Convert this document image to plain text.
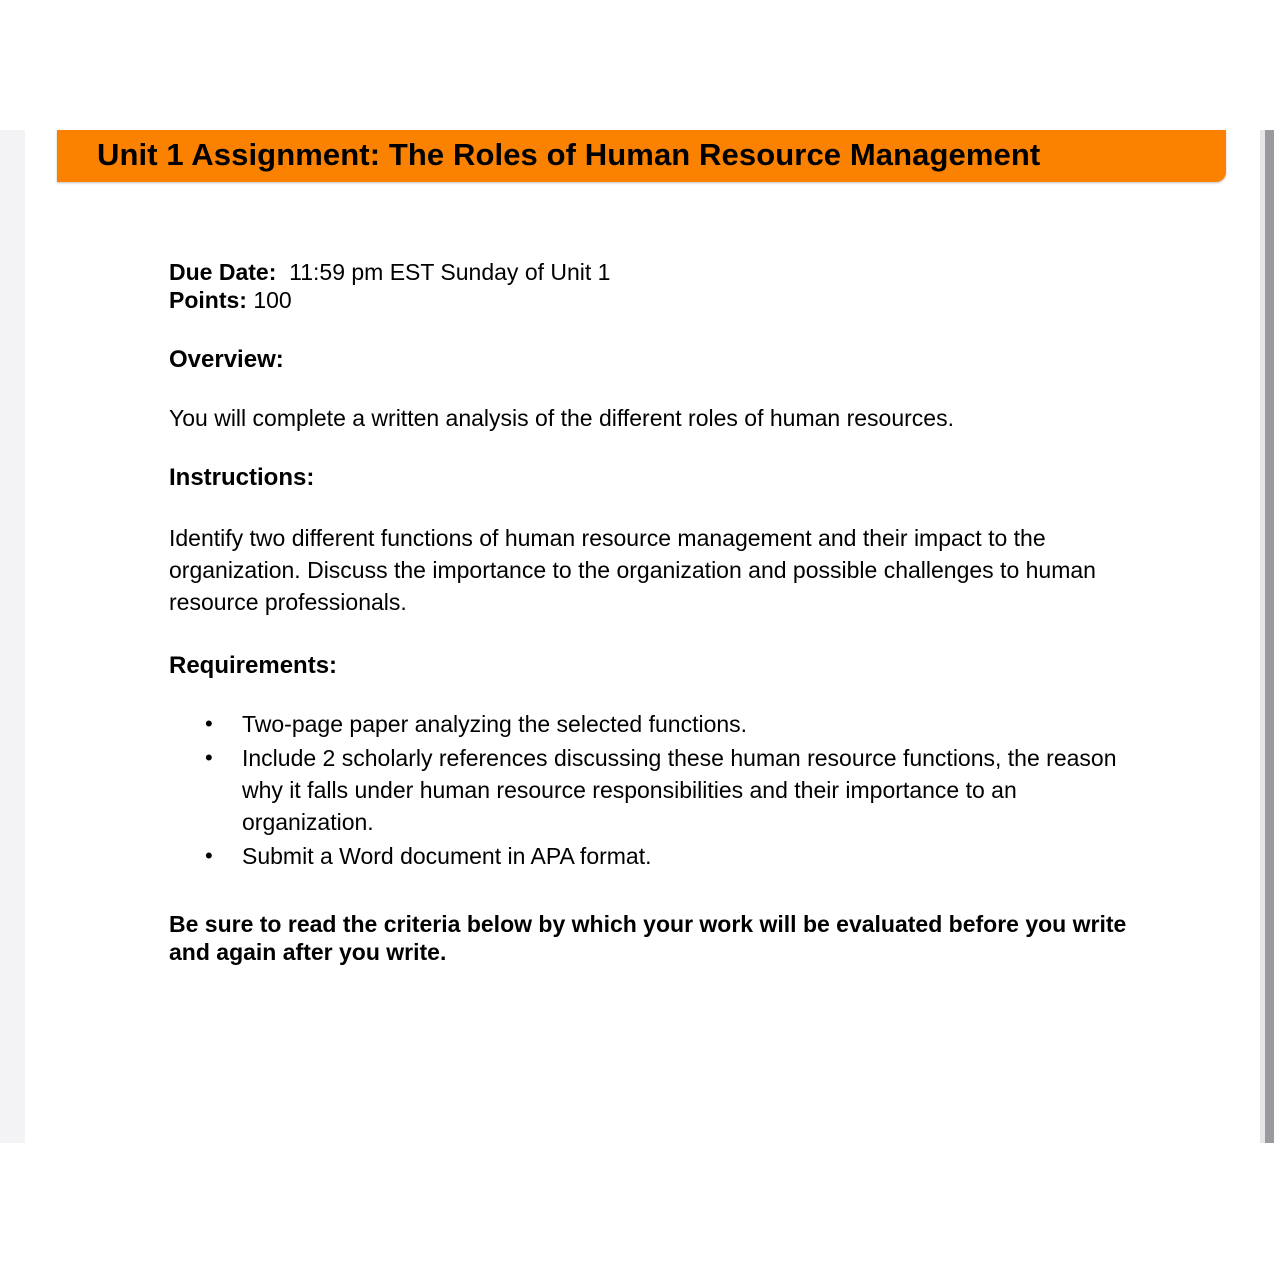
Unit 1 Assignment: The Roles of Human Resource Management

Due Date: 11:59 pm EST Sunday of Unit 1

Points: 100

Overview:

You will complete a written analysis of the different roles of human resources.

Instructions:

Identify two different functions of human resource management and their impact to the organization. Discuss the importance to the organization and possible challenges to human resource professionals.

Requirements:
• Two-page paper analyzing the selected functions.
• Include 2 scholarly references discussing these human resource functions, the reason why it falls under human resource responsibilities and their importance to an organization.
• Submit a Word document in APA format.

Be sure to read the criteria below by which your work will be evaluated before you write and again after you write.
